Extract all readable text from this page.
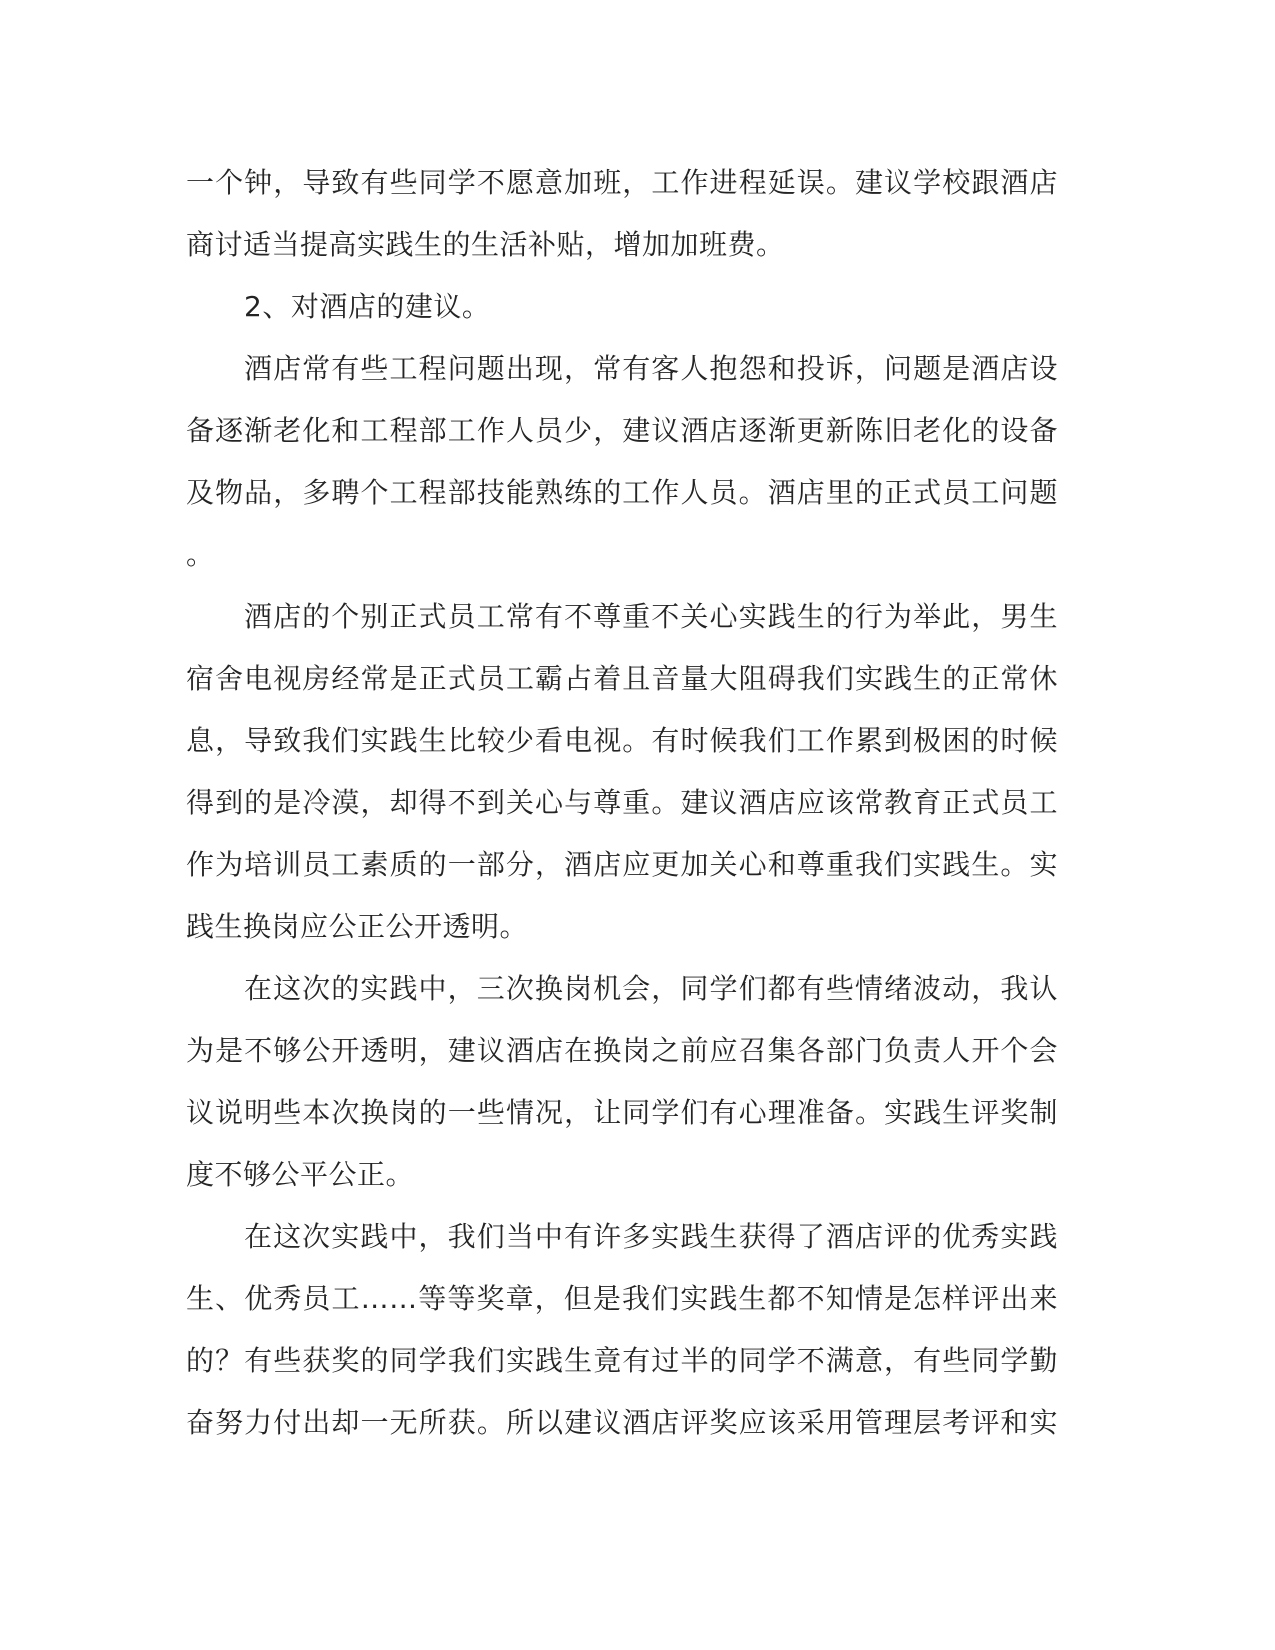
一个钟，导致有些同学不愿意加班，工作进程延误。建议学校跟酒店
商讨适当提高实践生的生活补贴，增加加班费。
2、对酒店的建议。
酒店常有些工程问题出现，常有客人抱怨和投诉，问题是酒店设
备逐渐老化和工程部工作人员少，建议酒店逐渐更新陈旧老化的设备
及物品，多聘个工程部技能熟练的工作人员。酒店里的正式员工问题
。
酒店的个别正式员工常有不尊重不关心实践生的行为举此，男生
宿舍电视房经常是正式员工霸占着且音量大阻碍我们实践生的正常休
息，导致我们实践生比较少看电视。有时候我们工作累到极困的时候
得到的是冷漠，却得不到关心与尊重。建议酒店应该常教育正式员工
作为培训员工素质的一部分，酒店应更加关心和尊重我们实践生。实
践生换岗应公正公开透明。
在这次的实践中，三次换岗机会，同学们都有些情绪波动，我认
为是不够公开透明，建议酒店在换岗之前应召集各部门负责人开个会
议说明些本次换岗的一些情况，让同学们有心理准备。实践生评奖制
度不够公平公正。
在这次实践中，我们当中有许多实践生获得了酒店评的优秀实践
生、优秀员工……等等奖章，但是我们实践生都不知情是怎样评出来
的？有些获奖的同学我们实践生竟有过半的同学不满意，有些同学勤
奋努力付出却一无所获。所以建议酒店评奖应该采用管理层考评和实
